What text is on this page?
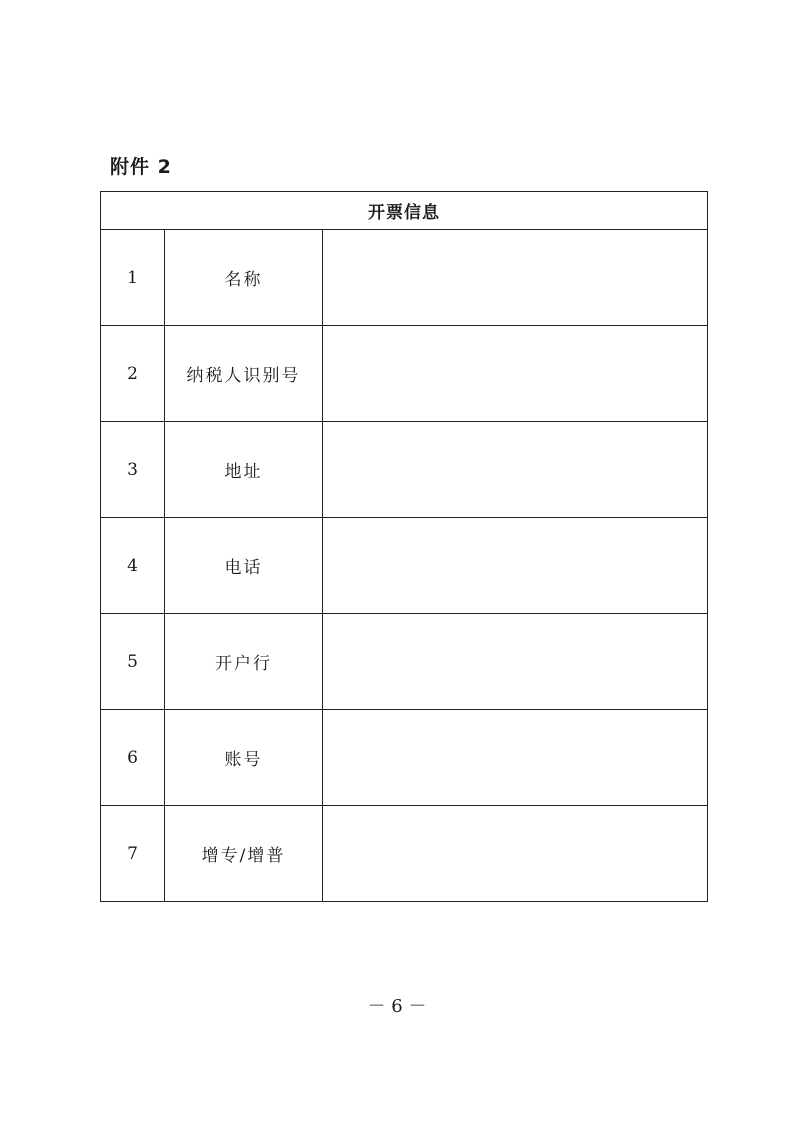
附件 2
开票信息		
1	名称	
2	纳税人识别号	
3	地址	
4	电话	
5	开户行	
6	账号	
7	增专/增普	
－ 6 －
